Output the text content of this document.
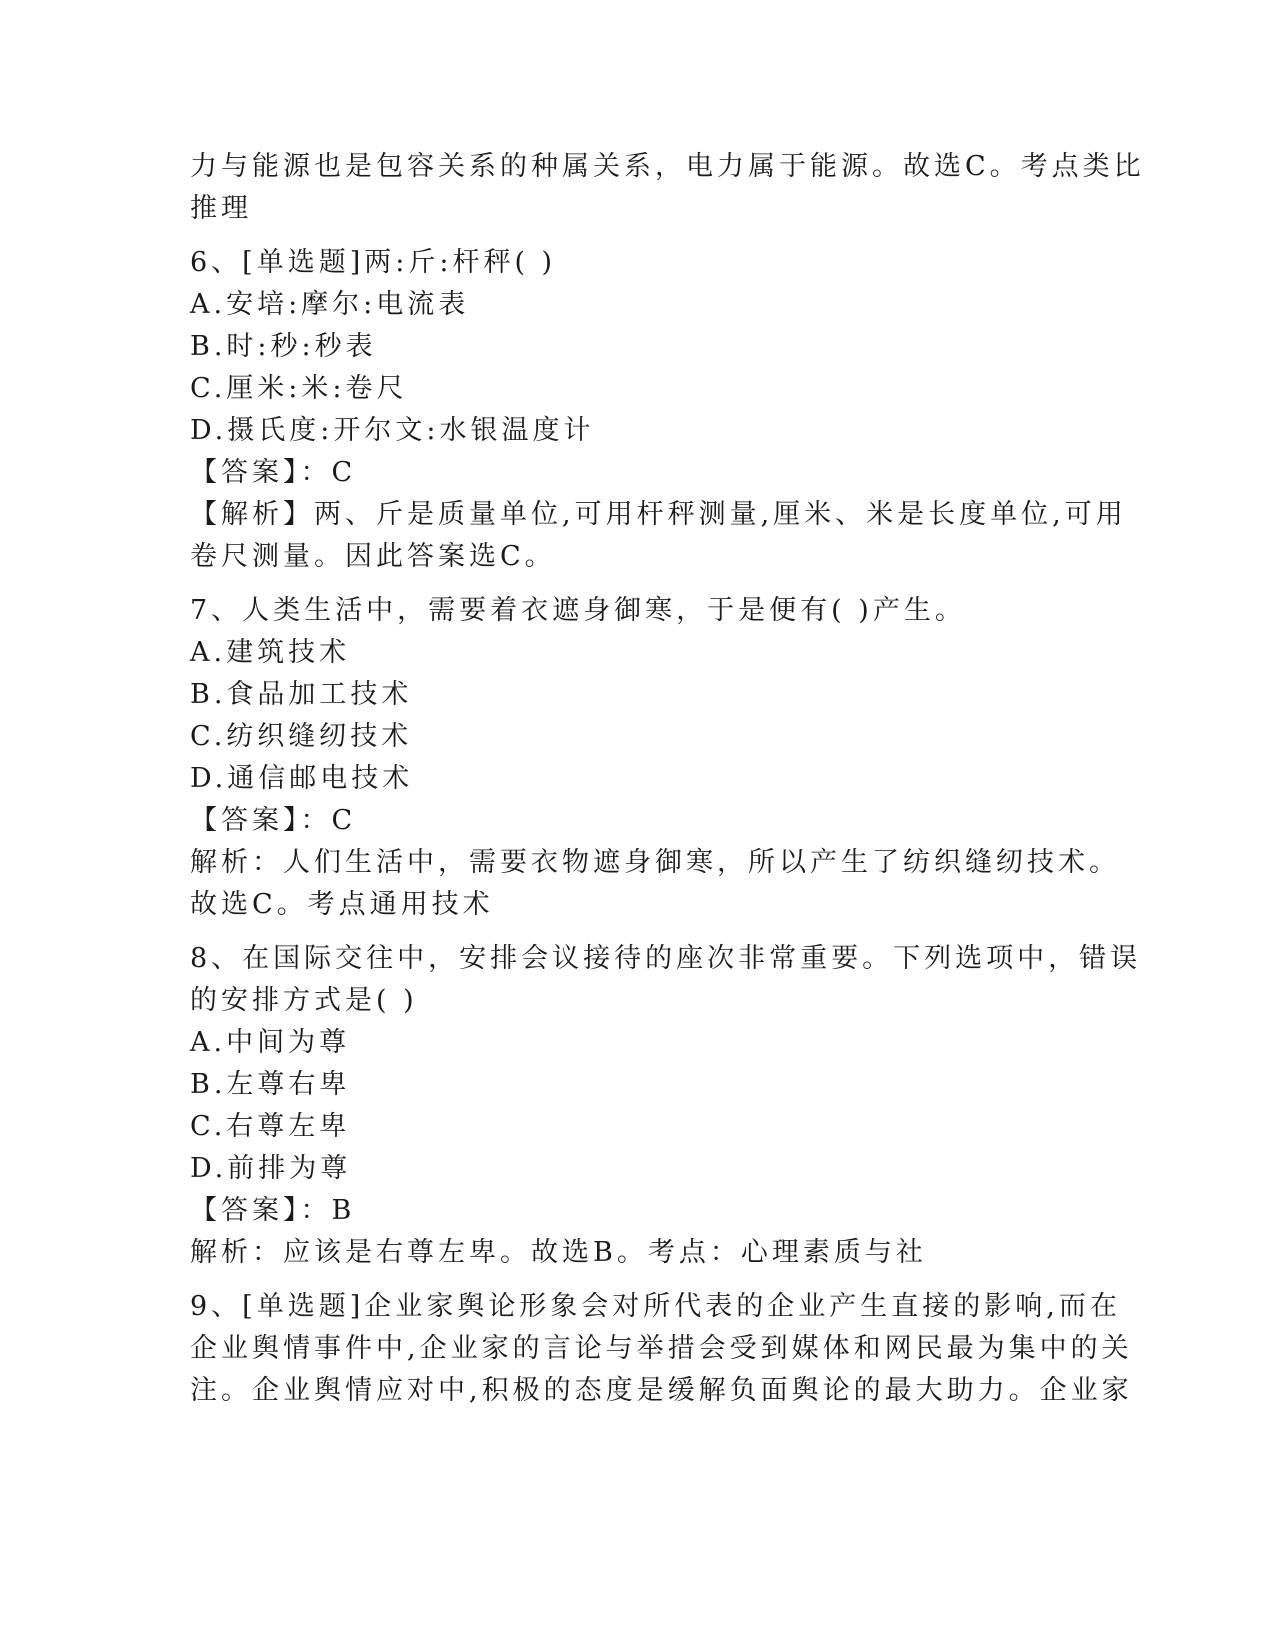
力与能源也是包容关系的种属关系，电力属于能源。故选C。考点类比
推理
6、[单选题]两:斤:杆秤( )
A.安培:摩尔:电流表
B.时:秒:秒表
C.厘米:米:卷尺
D.摄氏度:开尔文:水银温度计
【答案】：C
【解析】两、斤是质量单位,可用杆秤测量,厘米、米是长度单位,可用
卷尺测量。因此答案选C。
7、人类生活中，需要着衣遮身御寒，于是便有( )产生。
A.建筑技术
B.食品加工技术
C.纺织缝纫技术
D.通信邮电技术
【答案】：C
解析：人们生活中，需要衣物遮身御寒，所以产生了纺织缝纫技术。
故选C。考点通用技术
8、在国际交往中，安排会议接待的座次非常重要。下列选项中，错误
的安排方式是( )
A.中间为尊
B.左尊右卑
C.右尊左卑
D.前排为尊
【答案】：B
解析：应该是右尊左卑。故选B。考点：心理素质与社
9、[单选题]企业家舆论形象会对所代表的企业产生直接的影响,而在
企业舆情事件中,企业家的言论与举措会受到媒体和网民最为集中的关
注。企业舆情应对中,积极的态度是缓解负面舆论的最大助力。企业家
